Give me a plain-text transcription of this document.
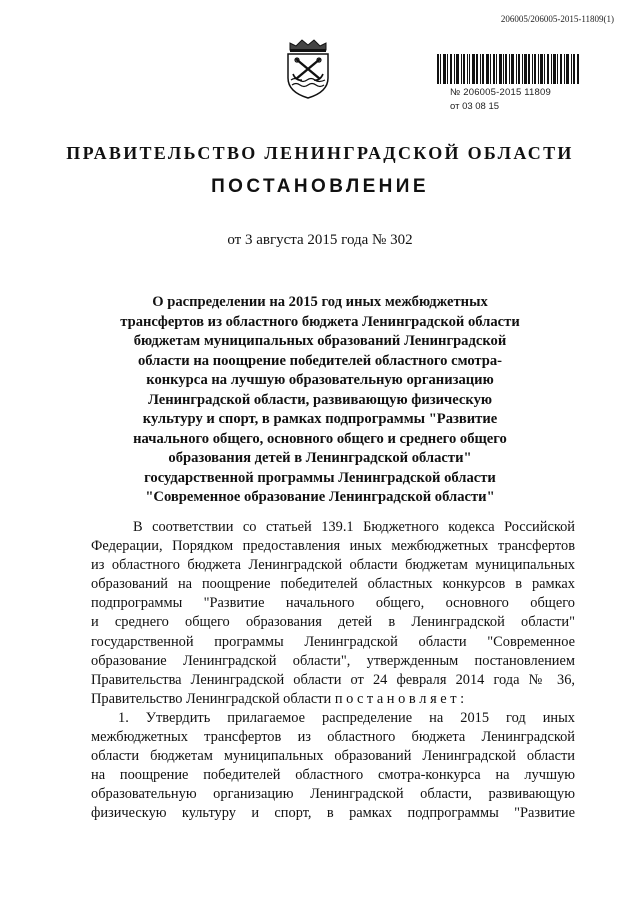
206005/206005-2015-11809(1)
№ 206005-2015 11809
от 03 08 15
ПРАВИТЕЛЬСТВО ЛЕНИНГРАДСКОЙ ОБЛАСТИ
ПОСТАНОВЛЕНИЕ
от 3 августа 2015 года № 302
О распределении на 2015 год иных межбюджетных
трансфертов из областного бюджета Ленинградской области
бюджетам муниципальных образований Ленинградской
области на поощрение победителей областного смотра-
конкурса на лучшую образовательную организацию
Ленинградской области, развивающую физическую
культуру и спорт, в рамках подпрограммы "Развитие
начального общего, основного общего и среднего общего
образования детей в Ленинградской области"
государственной программы Ленинградской области
"Современное образование Ленинградской области"
В соответствии со статьей 139.1 Бюджетного кодекса Российской
Федерации, Порядком предоставления иных межбюджетных трансфертов
из областного бюджета Ленинградской области бюджетам муниципальных
образований на поощрение победителей областных конкурсов в рамках
подпрограммы "Развитие начального общего, основного общего
и среднего общего образования детей в Ленинградской области"
государственной программы Ленинградской области "Современное
образование Ленинградской области", утвержденным постановлением
Правительства Ленинградской области от 24 февраля 2014 года № 36,
Правительство Ленинградской области п о с т а н о в л я е т :
1. Утвердить прилагаемое распределение на 2015 год иных
межбюджетных трансфертов из областного бюджета Ленинградской
области бюджетам муниципальных образований Ленинградской области
на поощрение победителей областного смотра-конкурса на лучшую
образовательную организацию Ленинградской области, развивающую
физическую культуру и спорт, в рамках подпрограммы "Развитие
